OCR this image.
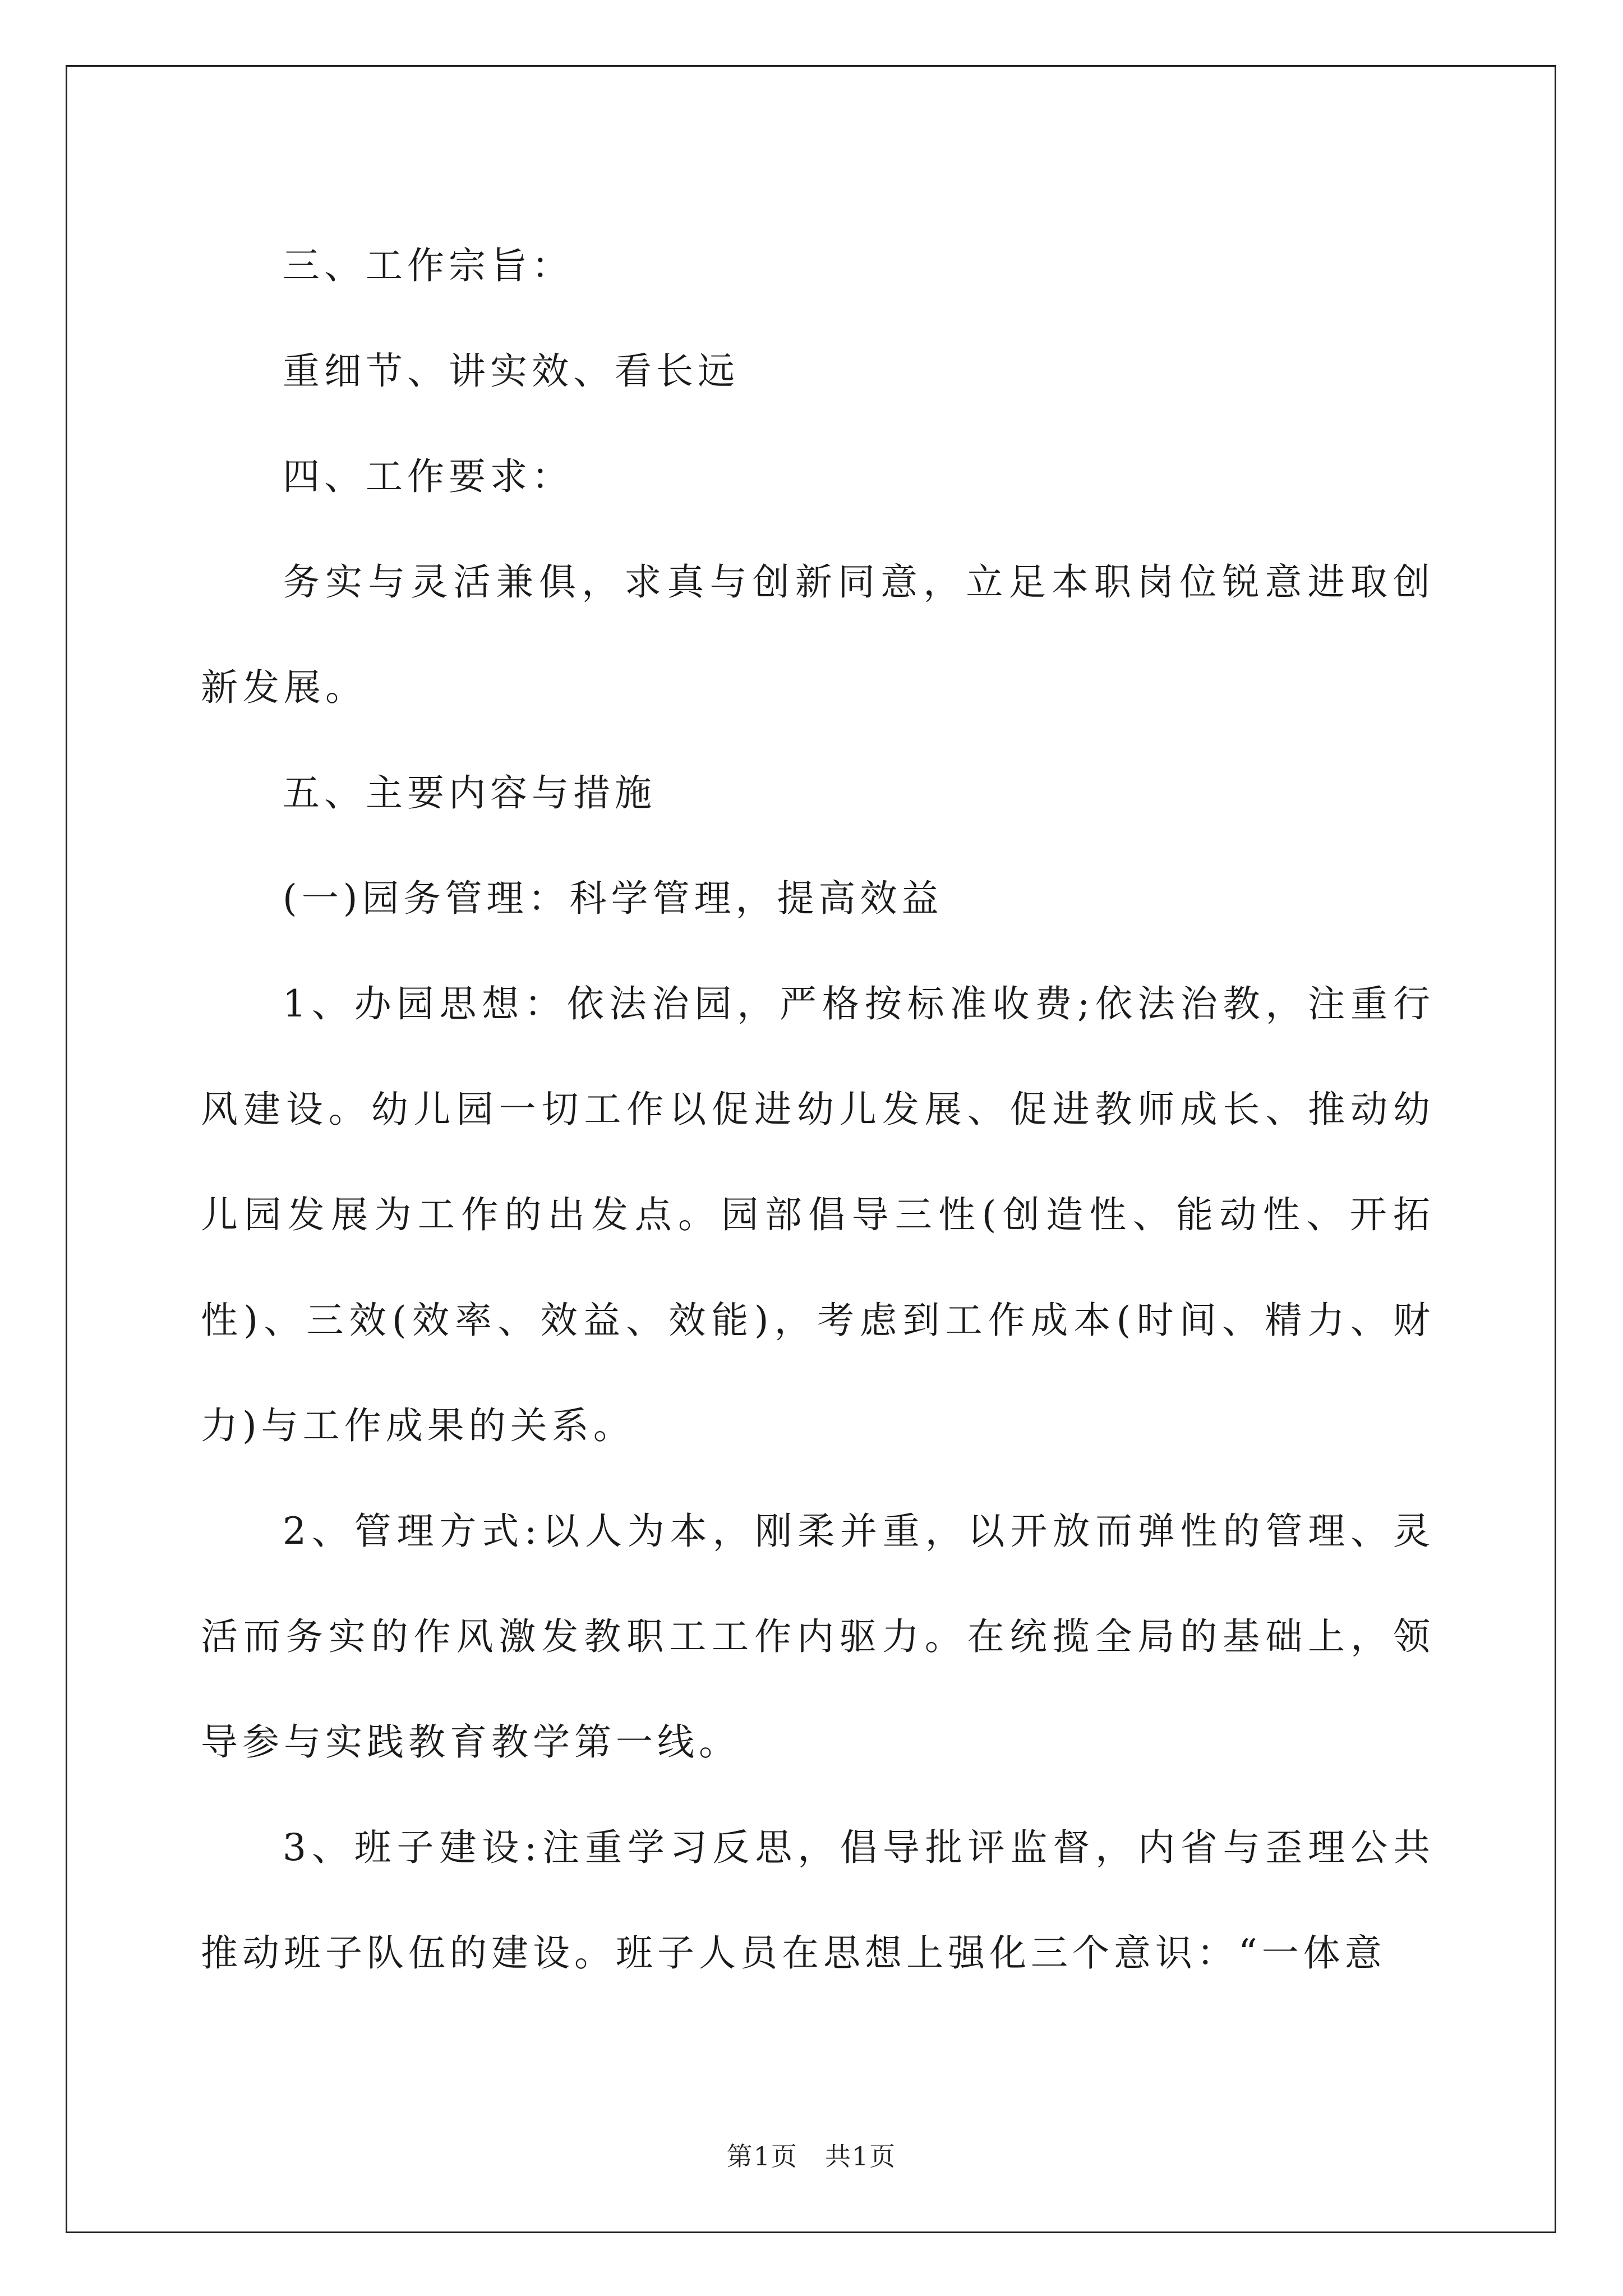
三、工作宗旨：

重细节、讲实效、看长远

四、工作要求：

务实与灵活兼俱，求真与创新同意，立足本职岗位锐意进取创新发展。

五、主要内容与措施

(一)园务管理：科学管理，提高效益

1、办园思想：依法治园，严格按标准收费;依法治教，注重行风建设。幼儿园一切工作以促进幼儿发展、促进教师成长、推动幼儿园发展为工作的出发点。园部倡导三性(创造性、能动性、开拓性)、三效(效率、效益、效能)，考虑到工作成本(时间、精力、财力)与工作成果的关系。

2、管理方式:以人为本，刚柔并重，以开放而弹性的管理、灵活而务实的作风激发教职工工作内驱力。在统揽全局的基础上，领导参与实践教育教学第一线。

3、班子建设:注重学习反思，倡导批评监督，内省与歪理公共推动班子队伍的建设。班子人员在思想上强化三个意识：“一体意

第1页 共1页
